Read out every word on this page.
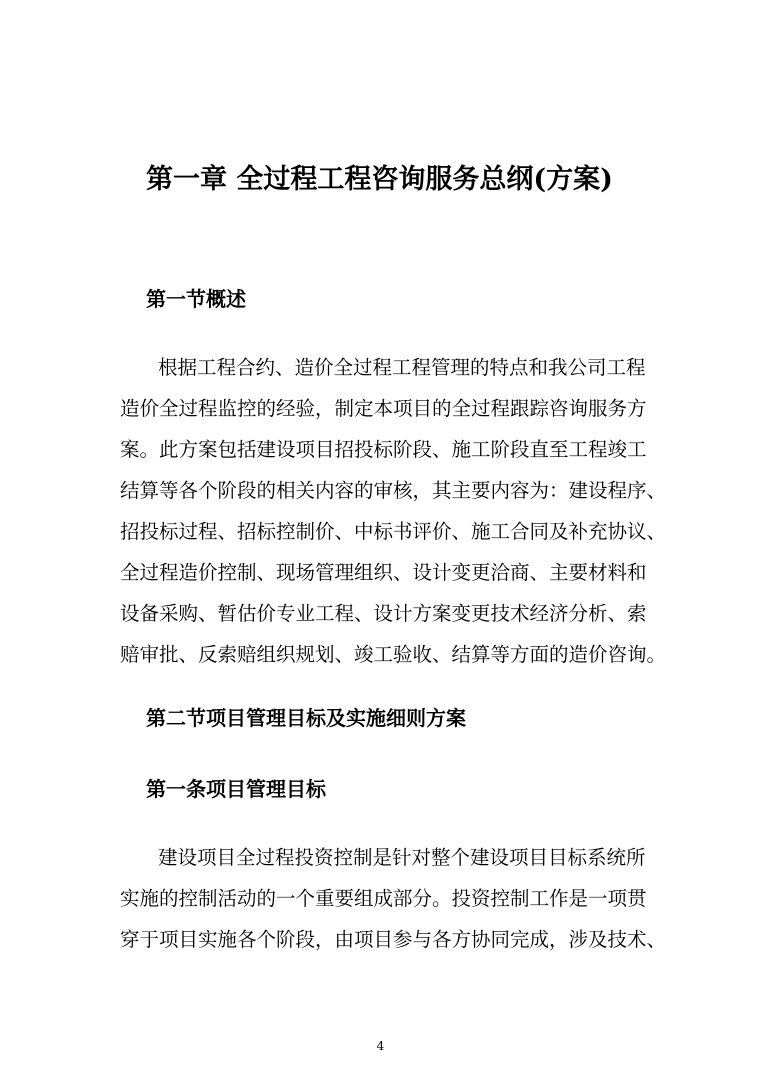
第一章 全过程工程咨询服务总纲(方案)
第一节概述
根据工程合约、造价全过程工程管理的特点和我公司工程
造价全过程监控的经验，制定本项目的全过程跟踪咨询服务方
案。此方案包括建设项目招投标阶段、施工阶段直至工程竣工
结算等各个阶段的相关内容的审核，其主要内容为：建设程序、
招投标过程、招标控制价、中标书评价、施工合同及补充协议、
全过程造价控制、现场管理组织、设计变更洽商、主要材料和
设备采购、暂估价专业工程、设计方案变更技术经济分析、索
赔审批、反索赔组织规划、竣工验收、结算等方面的造价咨询。
第二节项目管理目标及实施细则方案
第一条项目管理目标
建设项目全过程投资控制是针对整个建设项目目标系统所
实施的控制活动的一个重要组成部分。投资控制工作是一项贯
穿于项目实施各个阶段，由项目参与各方协同完成，涉及技术、
4
